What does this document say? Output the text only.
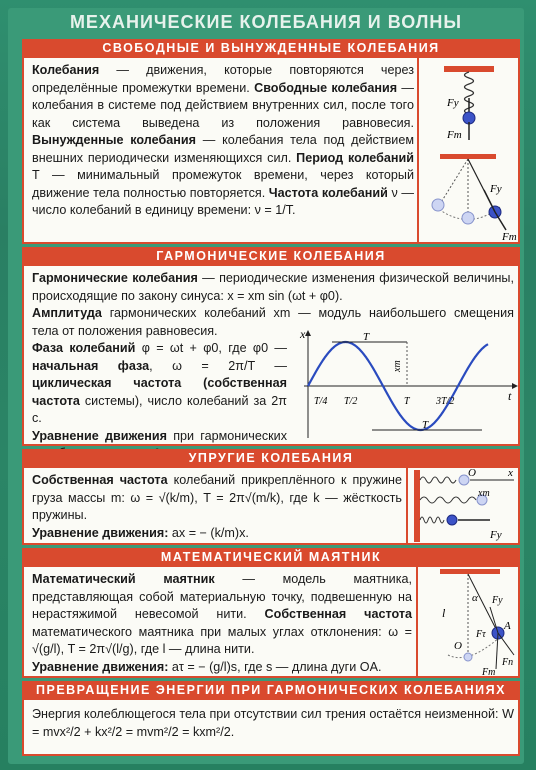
МЕХАНИЧЕСКИЕ КОЛЕБАНИЯ И ВОЛНЫ
СВОБОДНЫЕ И ВЫНУЖДЕННЫЕ КОЛЕБАНИЯ
Колебания — движения, которые повторяются через определённые промежутки времени. Свободные колебания — колебания в системе под действием внутренних сил, после того как система выведена из положения равновесия. Вынужденные колебания — колебания тела под действием внешних периодически изменяющихся сил. Период колебаний T — минимальный промежуток времени, через который движение тела полностью повторяется. Частота колебаний ν — число колебаний в единицу времени: ν = 1/T.
Fу
Fт
Fу
Fт
ГАРМОНИЧЕСКИЕ КОЛЕБАНИЯ
Гармонические колебания — периодические изменения физической величины, происходящие по закону синуса: x = xm sin (ωt + φ0).
Амплитуда гармонических колебаний xm — модуль наибольшего смещения тела от положения равновесия.
Фаза колебаний φ = ωt + φ0, где φ0 — начальная фаза, ω = 2π/T — циклическая частота (собственная частота системы), число колебаний за 2π с.
Уравнение движения при гармонических
x
t
T
T
xm
T/4 T/2	T	3T/2
УПРУГИЕ КОЛЕБАНИЯ
Собственная частота колебаний прикреплённого к пружине груза массы m: ω = √(k/m), T = 2π√(m/k), где k — жёсткость пружины.
Уравнение движения: ax = − (k/m)x.
O	x
xm
Fу
МАТЕМАТИЧЕСКИЙ МАЯТНИК
Математический маятник — модель маятника, представляющая собой материальную точку, подвешенную на нерастяжимой невесомой нити. Собственная частота математического маятника при малых углах отклонения: ω = √(g/l), T = 2π√(l/g), где l — длина нити.
Уравнение движения: aτ = − (g/l)s, где s — длина дуги OA.
l
α
O
A
Fу
Fτ
Fт
Fп
ПРЕВРАЩЕНИЕ ЭНЕРГИИ ПРИ ГАРМОНИЧЕСКИХ КОЛЕБАНИЯХ
Энергия колеблющегося тела при отсутствии сил трения остаётся неизменной: W = mvx²/2 + kx²/2 = mvm²/2 = kxm²/2.
